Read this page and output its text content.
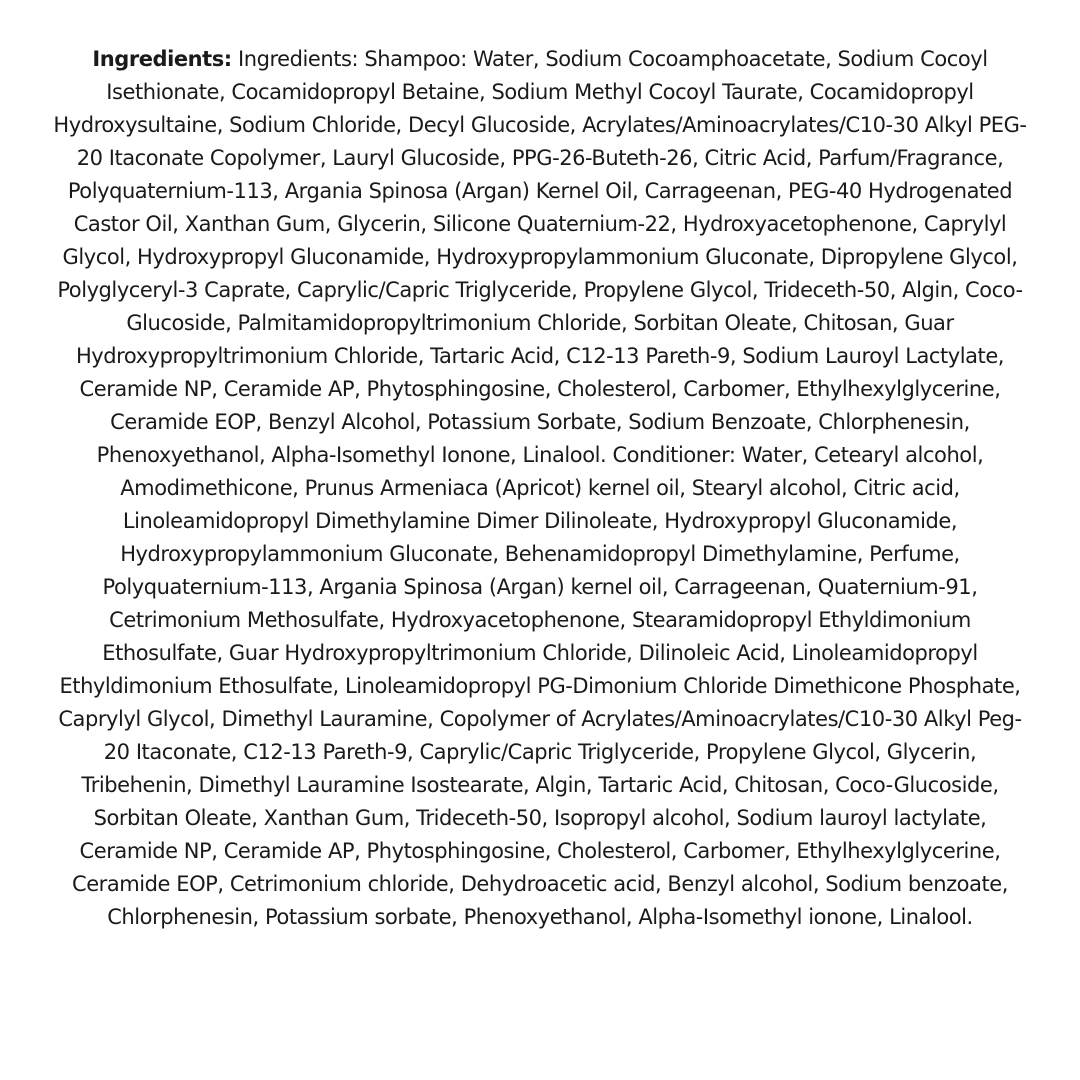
Ingredients: Ingredients: Shampoo: Water, Sodium Cocoamphoacetate, Sodium Cocoyl Isethionate, Cocamidopropyl Betaine, Sodium Methyl Cocoyl Taurate, Cocamidopropyl Hydroxysultaine, Sodium Chloride, Decyl Glucoside, Acrylates/Aminoacrylates/C10-30 Alkyl PEG-20 Itaconate Copolymer, Lauryl Glucoside, PPG-26-Buteth-26, Citric Acid, Parfum/Fragrance, Polyquaternium-113, Argania Spinosa (Argan) Kernel Oil, Carrageenan, PEG-40 Hydrogenated Castor Oil, Xanthan Gum, Glycerin, Silicone Quaternium-22, Hydroxyacetophenone, Caprylyl Glycol, Hydroxypropyl Gluconamide, Hydroxypropylammonium Gluconate, Dipropylene Glycol, Polyglyceryl-3 Caprate, Caprylic/Capric Triglyceride, Propylene Glycol, Trideceth-50, Algin, Coco-Glucoside, Palmitamidopropyltrimonium Chloride, Sorbitan Oleate, Chitosan, Guar Hydroxypropyltrimonium Chloride, Tartaric Acid, C12-13 Pareth-9, Sodium Lauroyl Lactylate, Ceramide NP, Ceramide AP, Phytosphingosine, Cholesterol, Carbomer, Ethylhexylglycerine, Ceramide EOP, Benzyl Alcohol, Potassium Sorbate, Sodium Benzoate, Chlorphenesin, Phenoxyethanol, Alpha-Isomethyl Ionone, Linalool. Conditioner: Water, Cetearyl alcohol, Amodimethicone, Prunus Armeniaca (Apricot) kernel oil, Stearyl alcohol, Citric acid, Linoleamidopropyl Dimethylamine Dimer Dilinoleate, Hydroxypropyl Gluconamide, Hydroxypropylammonium Gluconate, Behenamidopropyl Dimethylamine, Perfume, Polyquaternium-113, Argania Spinosa (Argan) kernel oil, Carrageenan, Quaternium-91, Cetrimonium Methosulfate, Hydroxyacetophenone, Stearamidopropyl Ethyldimonium Ethosulfate, Guar Hydroxypropyltrimonium Chloride, Dilinoleic Acid, Linoleamidopropyl Ethyldimonium Ethosulfate, Linoleamidopropyl PG-Dimonium Chloride Dimethicone Phosphate, Caprylyl Glycol, Dimethyl Lauramine, Copolymer of Acrylates/Aminoacrylates/C10-30 Alkyl Peg-20 Itaconate, C12-13 Pareth-9, Caprylic/Capric Triglyceride, Propylene Glycol, Glycerin, Tribehenin, Dimethyl Lauramine Isostearate, Algin, Tartaric Acid, Chitosan, Coco-Glucoside, Sorbitan Oleate, Xanthan Gum, Trideceth-50, Isopropyl alcohol, Sodium lauroyl lactylate, Ceramide NP, Ceramide AP, Phytosphingosine, Cholesterol, Carbomer, Ethylhexylglycerine, Ceramide EOP, Cetrimonium chloride, Dehydroacetic acid, Benzyl alcohol, Sodium benzoate, Chlorphenesin, Potassium sorbate, Phenoxyethanol, Alpha-Isomethyl ionone, Linalool.
